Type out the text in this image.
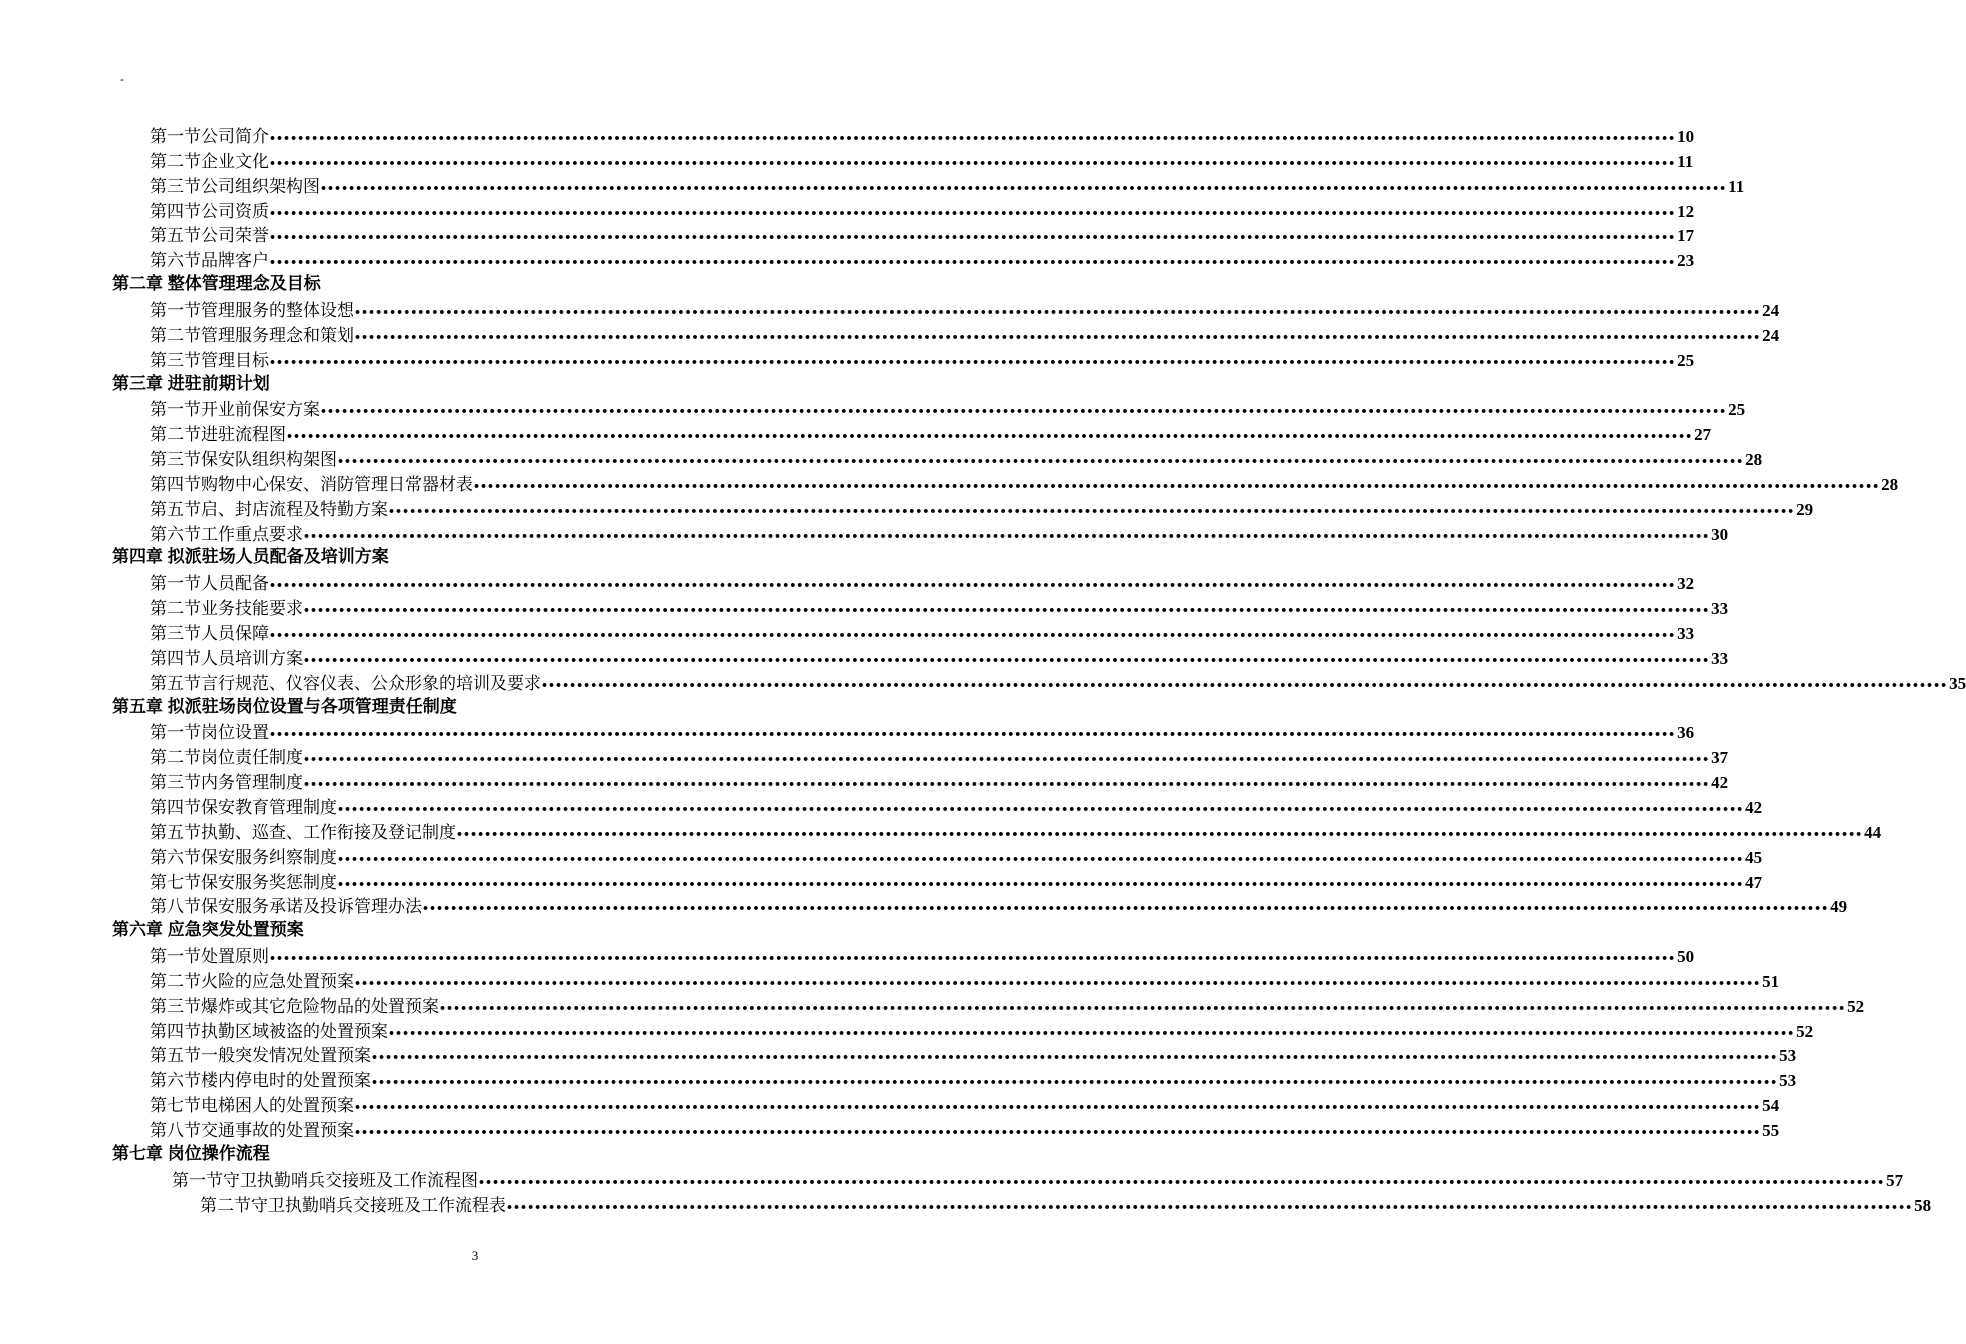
-
第一节 公司简介 •••••••••••••••••••••••••••••••••••••••••••••••••••••••••••••••••••••••••••••••••••••••••••••••••••••••••••••••••••••••••••••••••••••••••••••••••••••••••••••••••••••••••••••••••••••••••••••••••••••••• 10
第二节 企业文化 •••••••••••••••••••••••••••••••••••••••••••••••••••••••••••••••••••••••••••••••••••••••••••••••••••••••••••••••••••••••••••••••••••••••••••••••••••••••••••••••••••••••••••••••••••••••••••••••••••••••• 11
第三节 公司组织架构图 •••••••••••••••••••••••••••••••••••••••••••••••••••••••••••••••••••••••••••••••••••••••••••••••••••••••••••••••••••••••••••••••••••••••••••••••••••••••••••••••••••••••••••••••••••••••••••••••••••••••• 11
第四节 公司资质 •••••••••••••••••••••••••••••••••••••••••••••••••••••••••••••••••••••••••••••••••••••••••••••••••••••••••••••••••••••••••••••••••••••••••••••••••••••••••••••••••••••••••••••••••••••••••••••••••••••••• 12
第五节 公司荣誉 •••••••••••••••••••••••••••••••••••••••••••••••••••••••••••••••••••••••••••••••••••••••••••••••••••••••••••••••••••••••••••••••••••••••••••••••••••••••••••••••••••••••••••••••••••••••••••••••••••••••• 17
第六节 品牌客户 •••••••••••••••••••••••••••••••••••••••••••••••••••••••••••••••••••••••••••••••••••••••••••••••••••••••••••••••••••••••••••••••••••••••••••••••••••••••••••••••••••••••••••••••••••••••••••••••••••••••• 23
第二章 整体管理理念及目标
第一节 管理服务的整体设想 •••••••••••••••••••••••••••••••••••••••••••••••••••••••••••••••••••••••••••••••••••••••••••••••••••••••••••••••••••••••••••••••••••••••••••••••••••••••••••••••••••••••••••••••••••••••••••••••••••••••• 24
第二节 管理服务理念和策划 •••••••••••••••••••••••••••••••••••••••••••••••••••••••••••••••••••••••••••••••••••••••••••••••••••••••••••••••••••••••••••••••••••••••••••••••••••••••••••••••••••••••••••••••••••••••••••••••••••••••• 24
第三节 管理目标 •••••••••••••••••••••••••••••••••••••••••••••••••••••••••••••••••••••••••••••••••••••••••••••••••••••••••••••••••••••••••••••••••••••••••••••••••••••••••••••••••••••••••••••••••••••••••••••••••••••••• 25
第三章 进驻前期计划
第一节 开业前保安方案 •••••••••••••••••••••••••••••••••••••••••••••••••••••••••••••••••••••••••••••••••••••••••••••••••••••••••••••••••••••••••••••••••••••••••••••••••••••••••••••••••••••••••••••••••••••••••••••••••••••••• 25
第二节 进驻流程图 •••••••••••••••••••••••••••••••••••••••••••••••••••••••••••••••••••••••••••••••••••••••••••••••••••••••••••••••••••••••••••••••••••••••••••••••••••••••••••••••••••••••••••••••••••••••••••••••••••••••• 27
第三节 保安队组织构架图 •••••••••••••••••••••••••••••••••••••••••••••••••••••••••••••••••••••••••••••••••••••••••••••••••••••••••••••••••••••••••••••••••••••••••••••••••••••••••••••••••••••••••••••••••••••••••••••••••••••••• 28
第四节 购物中心保安、消防管理日常器材表 •••••••••••••••••••••••••••••••••••••••••••••••••••••••••••••••••••••••••••••••••••••••••••••••••••••••••••••••••••••••••••••••••••••••••••••••••••••••••••••••••••••••••••••••••••••••••••••••••••••••• 28
第五节 启、封店流程及特勤方案 •••••••••••••••••••••••••••••••••••••••••••••••••••••••••••••••••••••••••••••••••••••••••••••••••••••••••••••••••••••••••••••••••••••••••••••••••••••••••••••••••••••••••••••••••••••••••••••••••••••••• 29
第六节 工作重点要求 •••••••••••••••••••••••••••••••••••••••••••••••••••••••••••••••••••••••••••••••••••••••••••••••••••••••••••••••••••••••••••••••••••••••••••••••••••••••••••••••••••••••••••••••••••••••••••••••••••••••• 30
第四章 拟派驻场人员配备及培训方案
第一节 人员配备 •••••••••••••••••••••••••••••••••••••••••••••••••••••••••••••••••••••••••••••••••••••••••••••••••••••••••••••••••••••••••••••••••••••••••••••••••••••••••••••••••••••••••••••••••••••••••••••••••••••••• 32
第二节 业务技能要求 •••••••••••••••••••••••••••••••••••••••••••••••••••••••••••••••••••••••••••••••••••••••••••••••••••••••••••••••••••••••••••••••••••••••••••••••••••••••••••••••••••••••••••••••••••••••••••••••••••••••• 33
第三节 人员保障 •••••••••••••••••••••••••••••••••••••••••••••••••••••••••••••••••••••••••••••••••••••••••••••••••••••••••••••••••••••••••••••••••••••••••••••••••••••••••••••••••••••••••••••••••••••••••••••••••••••••• 33
第四节 人员培训方案 •••••••••••••••••••••••••••••••••••••••••••••••••••••••••••••••••••••••••••••••••••••••••••••••••••••••••••••••••••••••••••••••••••••••••••••••••••••••••••••••••••••••••••••••••••••••••••••••••••••••• 33
第五节 言行规范、仪容仪表、公众形象的培训及要求 •••••••••••••••••••••••••••••••••••••••••••••••••••••••••••••••••••••••••••••••••••••••••••••••••••••••••••••••••••••••••••••••••••••••••••••••••••••••••••••••••••••••••••••••••••••••••••••••••••••••• 35
第五章 拟派驻场岗位设置与各项管理责任制度
第一节 岗位设置 •••••••••••••••••••••••••••••••••••••••••••••••••••••••••••••••••••••••••••••••••••••••••••••••••••••••••••••••••••••••••••••••••••••••••••••••••••••••••••••••••••••••••••••••••••••••••••••••••••••••• 36
第二节 岗位责任制度 •••••••••••••••••••••••••••••••••••••••••••••••••••••••••••••••••••••••••••••••••••••••••••••••••••••••••••••••••••••••••••••••••••••••••••••••••••••••••••••••••••••••••••••••••••••••••••••••••••••••• 37
第三节 内务管理制度 •••••••••••••••••••••••••••••••••••••••••••••••••••••••••••••••••••••••••••••••••••••••••••••••••••••••••••••••••••••••••••••••••••••••••••••••••••••••••••••••••••••••••••••••••••••••••••••••••••••••• 42
第四节 保安教育管理制度 •••••••••••••••••••••••••••••••••••••••••••••••••••••••••••••••••••••••••••••••••••••••••••••••••••••••••••••••••••••••••••••••••••••••••••••••••••••••••••••••••••••••••••••••••••••••••••••••••••••••• 42
第五节 执勤、巡查、工作衔接及登记制度 •••••••••••••••••••••••••••••••••••••••••••••••••••••••••••••••••••••••••••••••••••••••••••••••••••••••••••••••••••••••••••••••••••••••••••••••••••••••••••••••••••••••••••••••••••••••••••••••••••••••• 44
第六节 保安服务纠察制度 •••••••••••••••••••••••••••••••••••••••••••••••••••••••••••••••••••••••••••••••••••••••••••••••••••••••••••••••••••••••••••••••••••••••••••••••••••••••••••••••••••••••••••••••••••••••••••••••••••••••• 45
第七节 保安服务奖惩制度 •••••••••••••••••••••••••••••••••••••••••••••••••••••••••••••••••••••••••••••••••••••••••••••••••••••••••••••••••••••••••••••••••••••••••••••••••••••••••••••••••••••••••••••••••••••••••••••••••••••••• 47
第八节 保安服务承诺及投诉管理办法 •••••••••••••••••••••••••••••••••••••••••••••••••••••••••••••••••••••••••••••••••••••••••••••••••••••••••••••••••••••••••••••••••••••••••••••••••••••••••••••••••••••••••••••••••••••••••••••••••••••••• 49
第六章 应急突发处置预案
第一节 处置原则 •••••••••••••••••••••••••••••••••••••••••••••••••••••••••••••••••••••••••••••••••••••••••••••••••••••••••••••••••••••••••••••••••••••••••••••••••••••••••••••••••••••••••••••••••••••••••••••••••••••••• 50
第二节 火险的应急处置预案 •••••••••••••••••••••••••••••••••••••••••••••••••••••••••••••••••••••••••••••••••••••••••••••••••••••••••••••••••••••••••••••••••••••••••••••••••••••••••••••••••••••••••••••••••••••••••••••••••••••••• 51
第三节 爆炸或其它危险物品的处置预案 •••••••••••••••••••••••••••••••••••••••••••••••••••••••••••••••••••••••••••••••••••••••••••••••••••••••••••••••••••••••••••••••••••••••••••••••••••••••••••••••••••••••••••••••••••••••••••••••••••••••• 52
第四节 执勤区域被盗的处置预案 •••••••••••••••••••••••••••••••••••••••••••••••••••••••••••••••••••••••••••••••••••••••••••••••••••••••••••••••••••••••••••••••••••••••••••••••••••••••••••••••••••••••••••••••••••••••••••••••••••••••• 52
第五节 一般突发情况处置预案 •••••••••••••••••••••••••••••••••••••••••••••••••••••••••••••••••••••••••••••••••••••••••••••••••••••••••••••••••••••••••••••••••••••••••••••••••••••••••••••••••••••••••••••••••••••••••••••••••••••••• 53
第六节 楼内停电时的处置预案 •••••••••••••••••••••••••••••••••••••••••••••••••••••••••••••••••••••••••••••••••••••••••••••••••••••••••••••••••••••••••••••••••••••••••••••••••••••••••••••••••••••••••••••••••••••••••••••••••••••••• 53
第七节 电梯困人的处置预案 •••••••••••••••••••••••••••••••••••••••••••••••••••••••••••••••••••••••••••••••••••••••••••••••••••••••••••••••••••••••••••••••••••••••••••••••••••••••••••••••••••••••••••••••••••••••••••••••••••••••• 54
第八节 交通事故的处置预案 •••••••••••••••••••••••••••••••••••••••••••••••••••••••••••••••••••••••••••••••••••••••••••••••••••••••••••••••••••••••••••••••••••••••••••••••••••••••••••••••••••••••••••••••••••••••••••••••••••••••• 55
第七章 岗位操作流程
第一节 守卫执勤哨兵交接班及工作流程图 •••••••••••••••••••••••••••••••••••••••••••••••••••••••••••••••••••••••••••••••••••••••••••••••••••••••••••••••••••••••••••••••••••••••••••••••••••••••••••••••••••••••••••••••••••••••••••••••••••••••• 57
第二节 守卫执勤哨兵交接班及工作流程表 •••••••••••••••••••••••••••••••••••••••••••••••••••••••••••••••••••••••••••••••••••••••••••••••••••••••••••••••••••••••••••••••••••••••••••••••••••••••••••••••••••••••••••••••••••••••••••••••••••••••• 58
3
